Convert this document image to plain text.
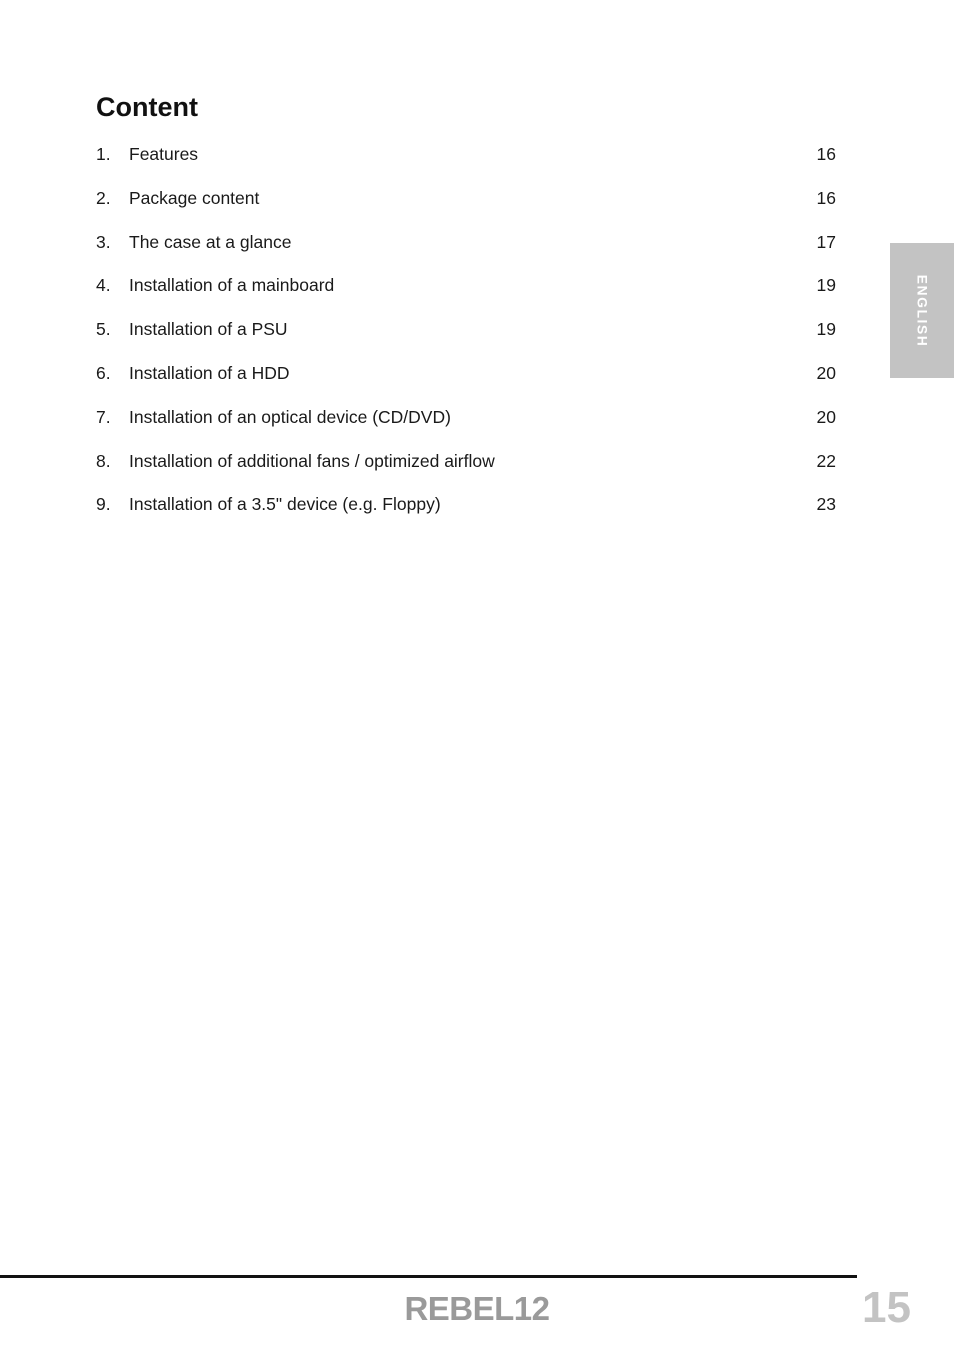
Content
1. Features	16
2. Package content	16
3. The case at a glance	17
4. Installation of a mainboard	19
5. Installation of a PSU	19
6. Installation of a HDD	20
7. Installation of an optical device (CD/DVD)	20
8. Installation of additional fans / optimized airflow	22
9. Installation of a 3.5" device (e.g. Floppy)	23
ENGLISH
REBEL12	15
